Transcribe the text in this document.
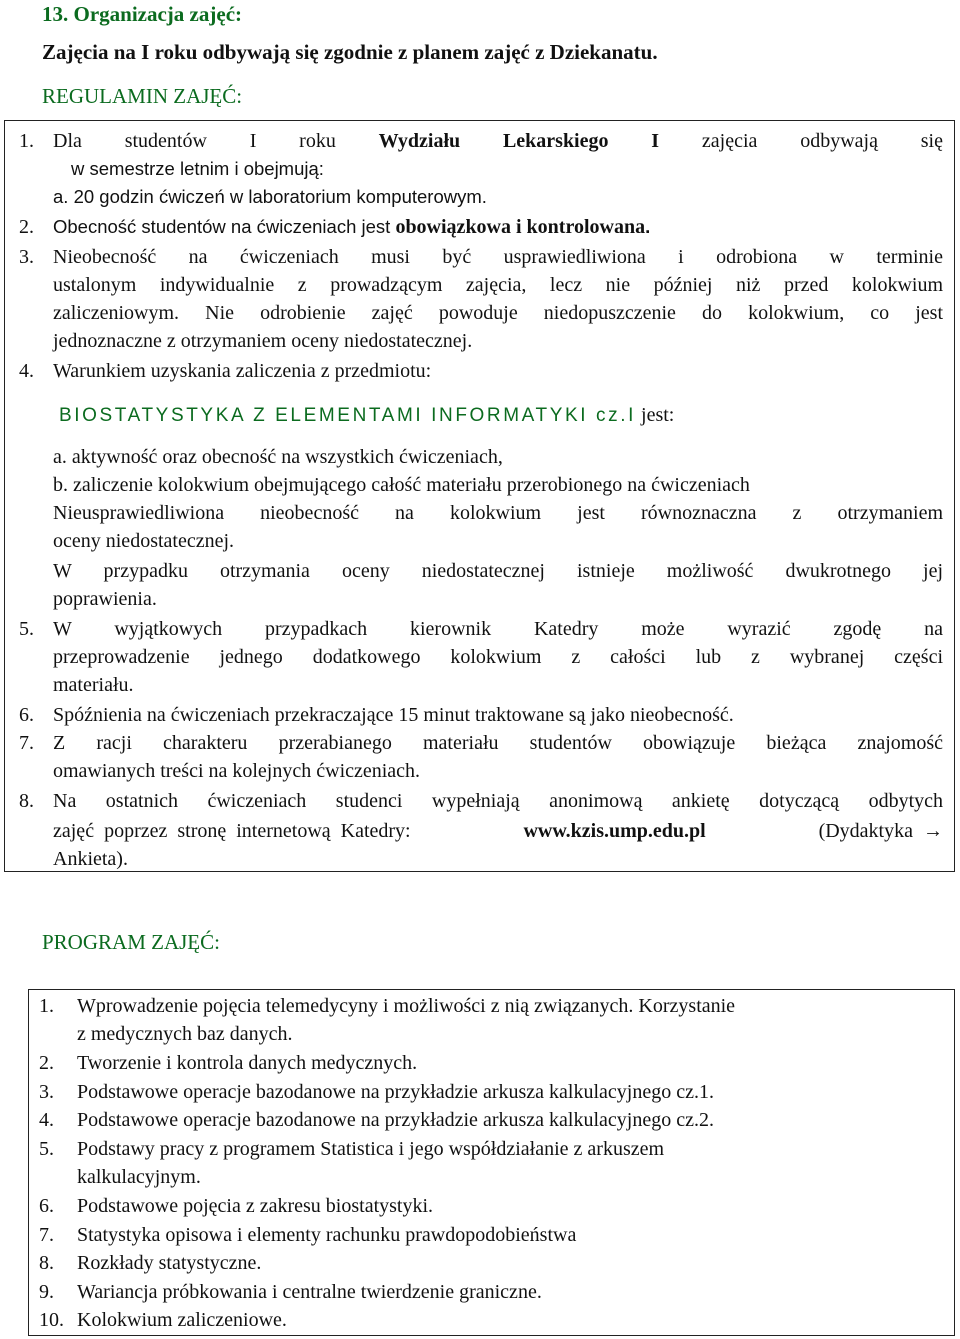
13. Organizacja zajęć:
Zajęcia na I roku odbywają się zgodnie z planem zajęć z Dziekanatu.
REGULAMIN ZAJĘĆ:
1. Dla studentów I roku Wydziału Lekarskiego I zajęcia odbywają się
w semestrze letnim i obejmują:
a. 20 godzin ćwiczeń w laboratorium komputerowym.
2. Obecność studentów na ćwiczeniach jest obowiązkowa i kontrolowana.
3. Nieobecność na ćwiczeniach musi być usprawiedliwiona i odrobiona w terminie
ustalonym indywidualnie z prowadzącym zajęcia, lecz nie później niż przed kolokwium
zaliczeniowym. Nie odrobienie zajęć powoduje niedopuszczenie do kolokwium, co jest
jednoznaczne z otrzymaniem oceny niedostatecznej.
4. Warunkiem uzyskania zaliczenia z przedmiotu:
BIOSTATYSTYKA Z ELEMENTAMI INFORMATYKI cz.I jest:
a. aktywność oraz obecność na wszystkich ćwiczeniach,
b. zaliczenie kolokwium obejmującego całość materiału przerobionego na ćwiczeniach
Nieusprawiedliwiona nieobecność na kolokwium jest równoznaczna z otrzymaniem
oceny niedostatecznej.
W przypadku otrzymania oceny niedostatecznej istnieje możliwość dwukrotnego jej
poprawienia.
5. W wyjątkowych przypadkach kierownik Katedry może wyrazić zgodę na
przeprowadzenie jednego dodatkowego kolokwium z całości lub z wybranej części
materiału.
6. Spóźnienia na ćwiczeniach przekraczające 15 minut traktowane są jako nieobecność.
7. Z racji charakteru przerabianego materiału studentów obowiązuje bieżąca znajomość
omawianych treści na kolejnych ćwiczeniach.
8. Na ostatnich ćwiczeniach studenci wypełniają anonimową ankietę dotyczącą odbytych
zajęć  poprzez  stronę  internetową  Katedry:	www.kzis.ump.edu.pl	(Dydaktyka  →
Ankieta).
PROGRAM ZAJĘĆ:
1. Wprowadzenie pojęcia telemedycyny i możliwości z nią związanych. Korzystanie
z medycznych baz danych.
2. Tworzenie i kontrola danych medycznych.
3. Podstawowe operacje bazodanowe na przykładzie arkusza kalkulacyjnego cz.1.
4. Podstawowe operacje bazodanowe na przykładzie arkusza kalkulacyjnego cz.2.
5. Podstawy pracy z programem Statistica i jego współdziałanie z arkuszem
kalkulacyjnym.
6. Podstawowe pojęcia z zakresu biostatystyki.
7. Statystyka opisowa i elementy rachunku prawdopodobieństwa
8. Rozkłady statystyczne.
9. Wariancja próbkowania i centralne twierdzenie graniczne.
10. Kolokwium zaliczeniowe.
